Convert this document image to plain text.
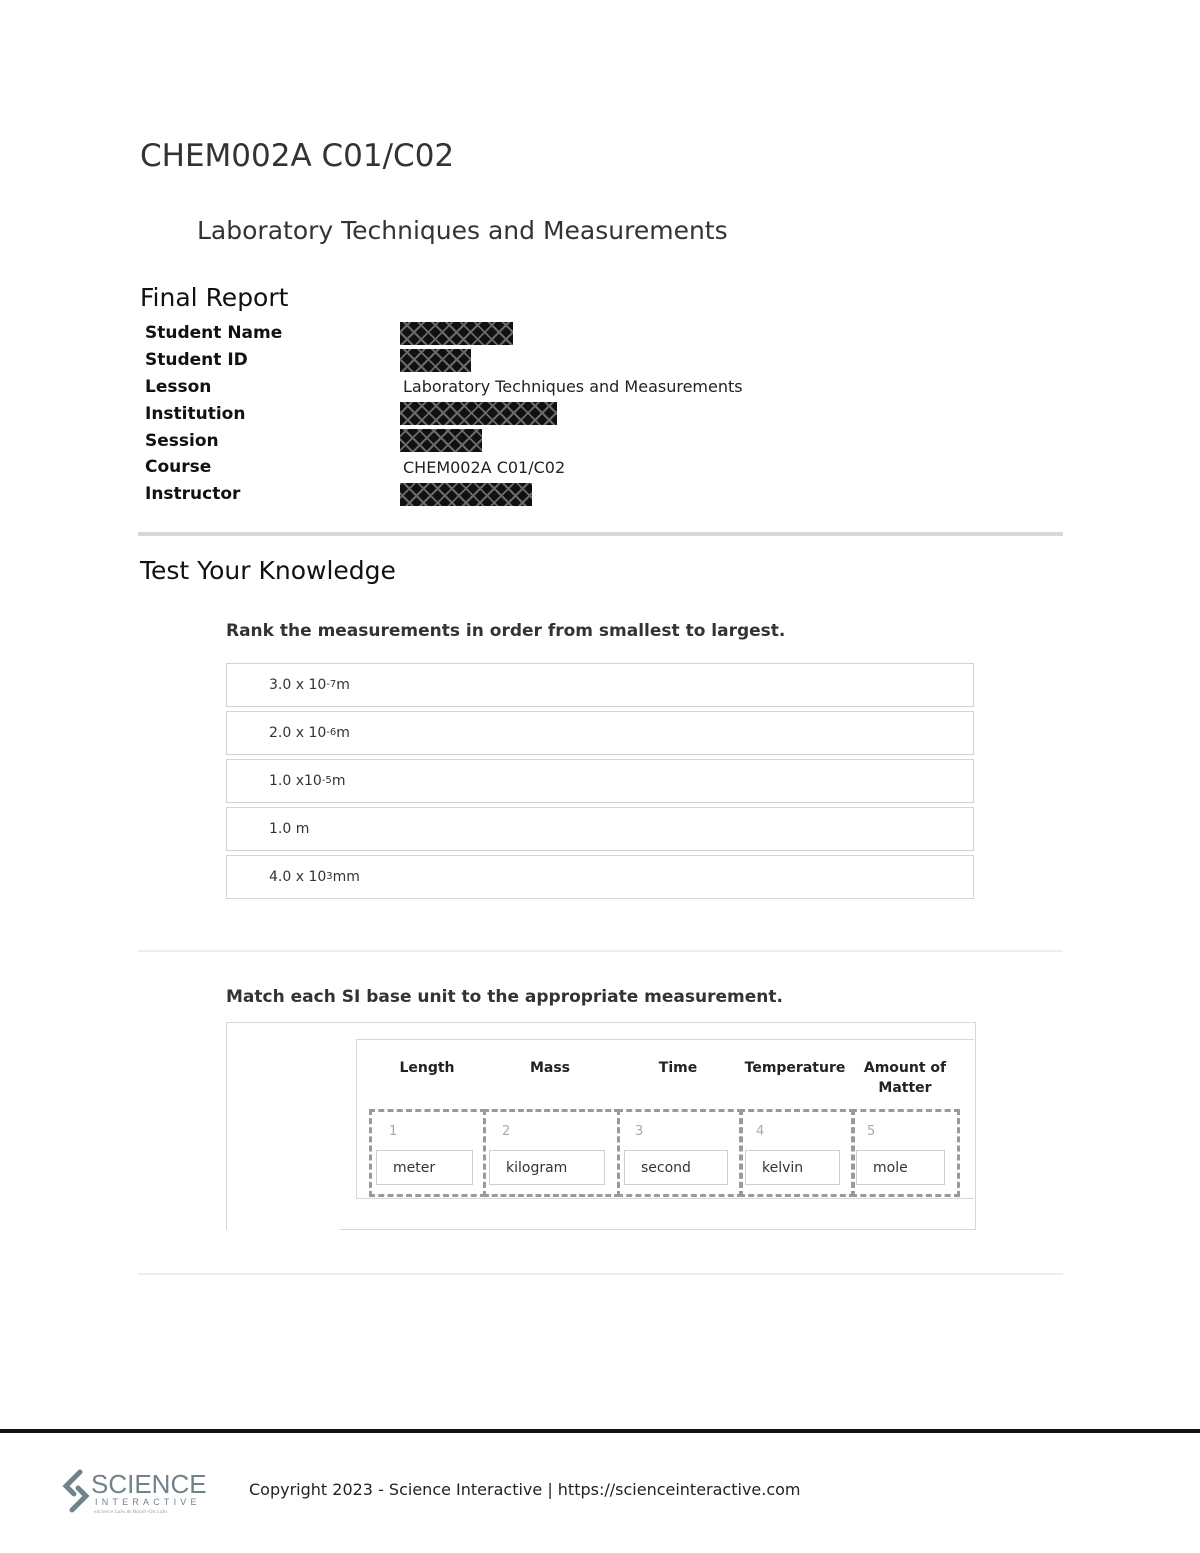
CHEM002A C01/C02
Laboratory Techniques and Measurements
Final Report
Student Name
Student ID
Lesson	Laboratory Techniques and Measurements
Institution
Session
Course	CHEM002A C01/C02
Instructor
Test Your Knowledge

Rank the measurements in order from smallest to largest.

3.0 x $10^{-7}$ m
2.0 x $10^{-6}$ m
1.0 $x10^{-5}$ m
1.0 m
4.0 x $10^3$ mm

Match each SI base unit to the appropriate measurement.

Length	Mass	Time	Temperature	Amount of Matter
1	2	3	4	5
meter	kilogram	second	kelvin	mole
SCIENCE
INTERACTIVE
eScience Labs & Hands-On Labs
Copyright 2023 - Science Interactive | https://scienceinteractive.com
